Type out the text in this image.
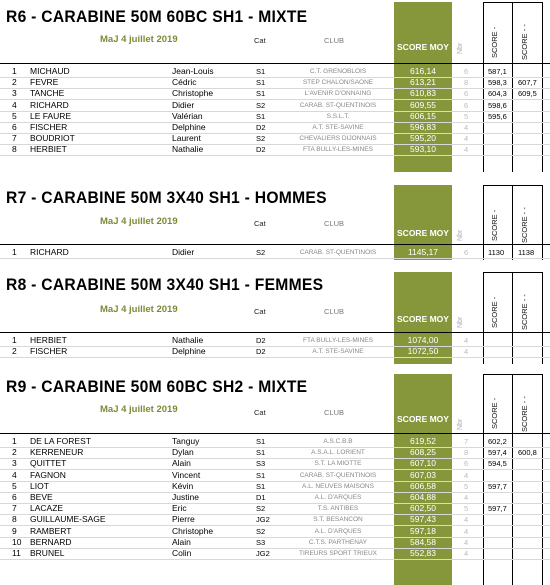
SCORE MOY
R6 - CARABINE 50M 60BC SH1 - MIXTE
MaJ 4 juillet 2019	Cat	CLUB
Nbr	SCORE -	SCORE - -
1 MICHAUD	Jean-Louis	S1	C.T. GRENOBLOIS	616,14	6	587,1
2 FEVRE	Cédric	S1	STEP CHALON/SAONE	613,21	8	598,3 607,7
3 TANCHE	Christophe	S1	L'AVENIR D'ONNAING	610,83	6	604,3 609,5
4 RICHARD	Didier	S2	CARAB. ST-QUENTINOIS	609,55	6	598,6
5 LE FAURE	Valérian	S1	S.S.L.T.	606,15	5	595,6
6 FISCHER	Delphine	D2	A.T. STE-SAVINE	596,83	4
7 BOUDRIOT	Laurent	S2	CHEVALIERS DIJONNAIS	595,20	4
8 HERBIET	Nathalie	D2	FTA BULLY-LES-MINES	593,10	4
SCORE MOY
R7 - CARABINE 50M 3X40 SH1 - HOMMES
MaJ 4 juillet 2019	Cat	CLUB
Nbr	SCORE -	SCORE - -
1 RICHARD	Didier	S2	CARAB. ST-QUENTINOIS	1145,17	6	1130 1138
SCORE MOY
R8 - CARABINE 50M 3X40 SH1 - FEMMES
MaJ 4 juillet 2019	Cat	CLUB
Nbr	SCORE -	SCORE - -
1 HERBIET	Nathalie	D2	FTA BULLY-LES-MINES	1074,00	4
2 FISCHER	Delphine	D2	A.T. STE-SAVINE	1072,50	4
SCORE MOY
R9 - CARABINE 50M 60BC SH2 - MIXTE
MaJ 4 juillet 2019	Cat	CLUB
Nbr	SCORE -	SCORE - -
1 DE LA FOREST	Tanguy	S1	A.S.C.B.B	619,52	7	602,2
2 KERRENEUR	Dylan	S1	A.S.A.L. LORIENT	608,25	8	597,4 600,8
3 QUITTET	Alain	S3	S.T. LA MIOTTE	607,10	6	594,5
4 FAGNON	Vincent	S1	CARAB. ST-QUENTINOIS	607,03	4
5 LIOT	Kévin	S1	A.L. NEUVES MAISONS	606,58	5	597,7
6 BEVE	Justine	D1	A.L. D'ARQUES	604,88	4
7 LACAZE	Eric	S2	T.S. ANTIBES	602,50	5	597,7
8 GUILLAUME-SAGE	Pierre	JG2	S.T. BESANCON	597,43	4
9 RAMBERT	Christophe	S2	A.L. D'ARQUES	597,18	4
10 BERNARD	Alain	S3	C.T.S. PARTHENAY	584,58	4
11 BRUNEL	Colin	JG2	TIREURS SPORT TRIEUX	552,83	4
